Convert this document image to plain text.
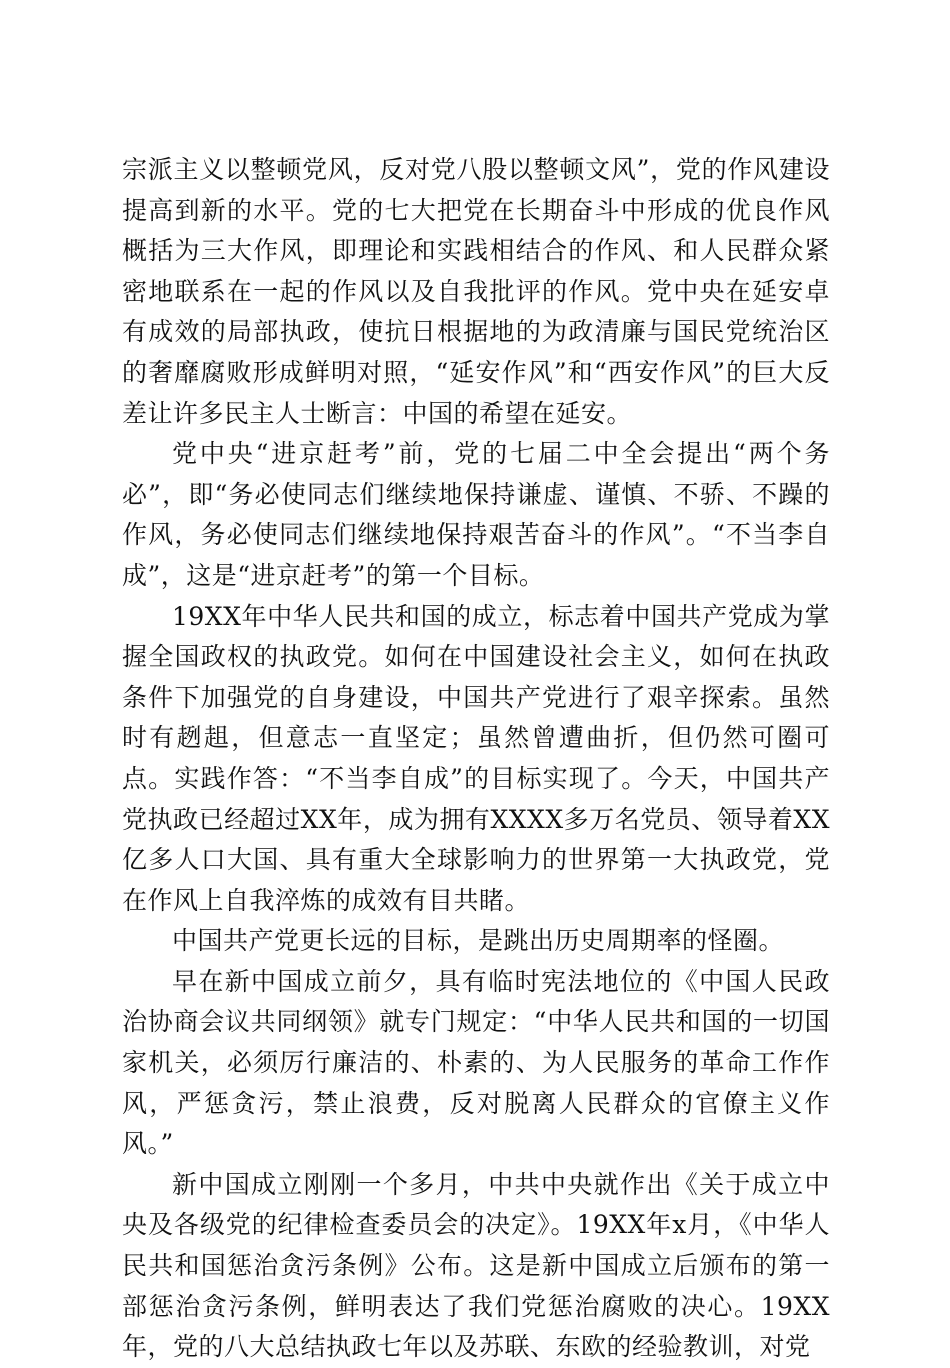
宗派主义以整顿党风，反对党八股以整顿文风”，党的作风建设提高到新的水平。党的七大把党在长期奋斗中形成的优良作风概括为三大作风，即理论和实践相结合的作风、和人民群众紧密地联系在一起的作风以及自我批评的作风。党中央在延安卓有成效的局部执政，使抗日根据地的为政清廉与国民党统治区的奢靡腐败形成鲜明对照，“延安作风”和“西安作风”的巨大反差让许多民主人士断言：中国的希望在延安。

党中央“进京赶考”前，党的七届二中全会提出“两个务必”，即“务必使同志们继续地保持谦虚、谨慎、不骄、不躁的作风，务必使同志们继续地保持艰苦奋斗的作风”。“不当李自成”，这是“进京赶考”的第一个目标。

19XX年中华人民共和国的成立，标志着中国共产党成为掌握全国政权的执政党。如何在中国建设社会主义，如何在执政条件下加强党的自身建设，中国共产党进行了艰辛探索。虽然时有趔趄，但意志一直坚定；虽然曾遭曲折，但仍然可圈可点。实践作答：“不当李自成”的目标实现了。今天，中国共产党执政已经超过XX年，成为拥有XXXX多万名党员、领导着XX亿多人口大国、具有重大全球影响力的世界第一大执政党，党在作风上自我淬炼的成效有目共睹。

中国共产党更长远的目标，是跳出历史周期率的怪圈。

早在新中国成立前夕，具有临时宪法地位的《中国人民政治协商会议共同纲领》就专门规定：“中华人民共和国的一切国家机关，必须厉行廉洁的、朴素的、为人民服务的革命工作作风，严惩贪污，禁止浪费，反对脱离人民群众的官僚主义作风。”

新中国成立刚刚一个多月，中共中央就作出《关于成立中央及各级党的纪律检查委员会的决定》。19XX年x月，《中华人民共和国惩治贪污条例》公布。这是新中国成立后颁布的第一部惩治贪污条例，鲜明表达了我们党惩治腐败的决心。19XX年，党的八大总结执政七年以及苏联、东欧的经验教训，对党
